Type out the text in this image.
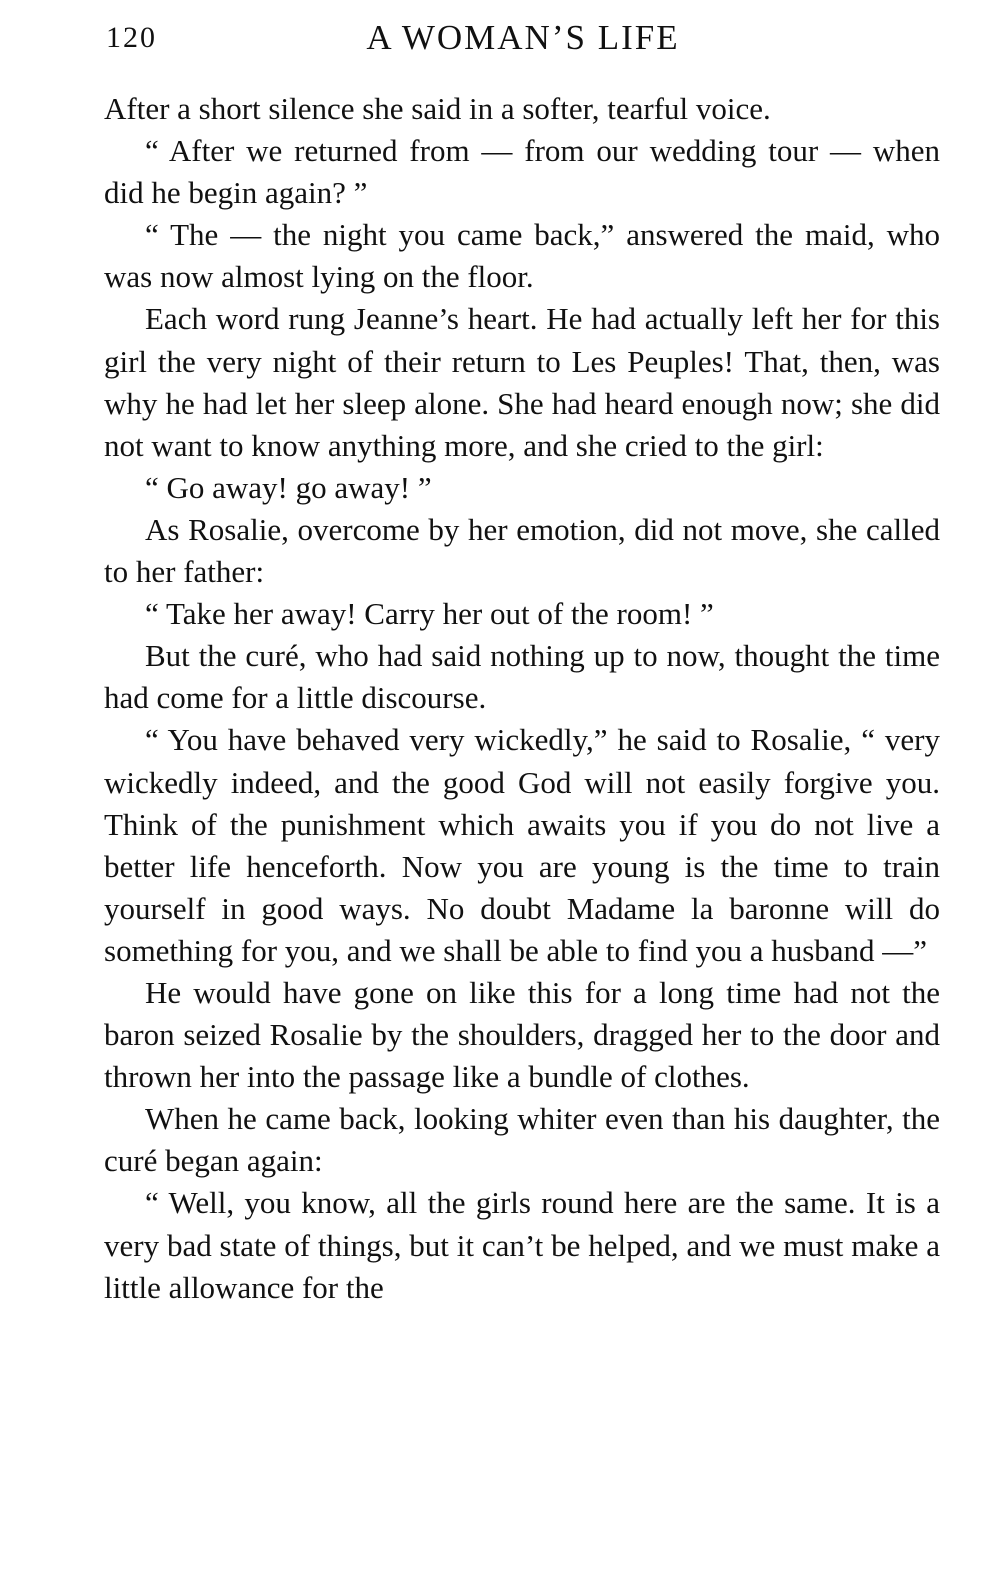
120	A WOMAN’S LIFE

After a short silence she said in a softer, tearful voice.

“ After we returned from — from our wedding tour — when did he begin again? ”

“ The — the night you came back,” answered the maid, who was now almost lying on the floor.

Each word rung Jeanne’s heart. He had actually left her for this girl the very night of their return to Les Peuples! That, then, was why he had let her sleep alone. She had heard enough now; she did not want to know anything more, and she cried to the girl:

“ Go away! go away! ”

As Rosalie, overcome by her emotion, did not move, she called to her father:

“ Take her away! Carry her out of the room! ”

But the curé, who had said nothing up to now, thought the time had come for a little discourse.

“ You have behaved very wickedly,” he said to Rosalie, “ very wickedly indeed, and the good God will not easily forgive you. Think of the punishment which awaits you if you do not live a better life henceforth. Now you are young is the time to train yourself in good ways. No doubt Madame la baronne will do something for you, and we shall be able to find you a husband —”

He would have gone on like this for a long time had not the baron seized Rosalie by the shoulders, dragged her to the door and thrown her into the passage like a bundle of clothes.

When he came back, looking whiter even than his daughter, the curé began again:

“ Well, you know, all the girls round here are the same. It is a very bad state of things, but it can’t be helped, and we must make a little allowance for the
